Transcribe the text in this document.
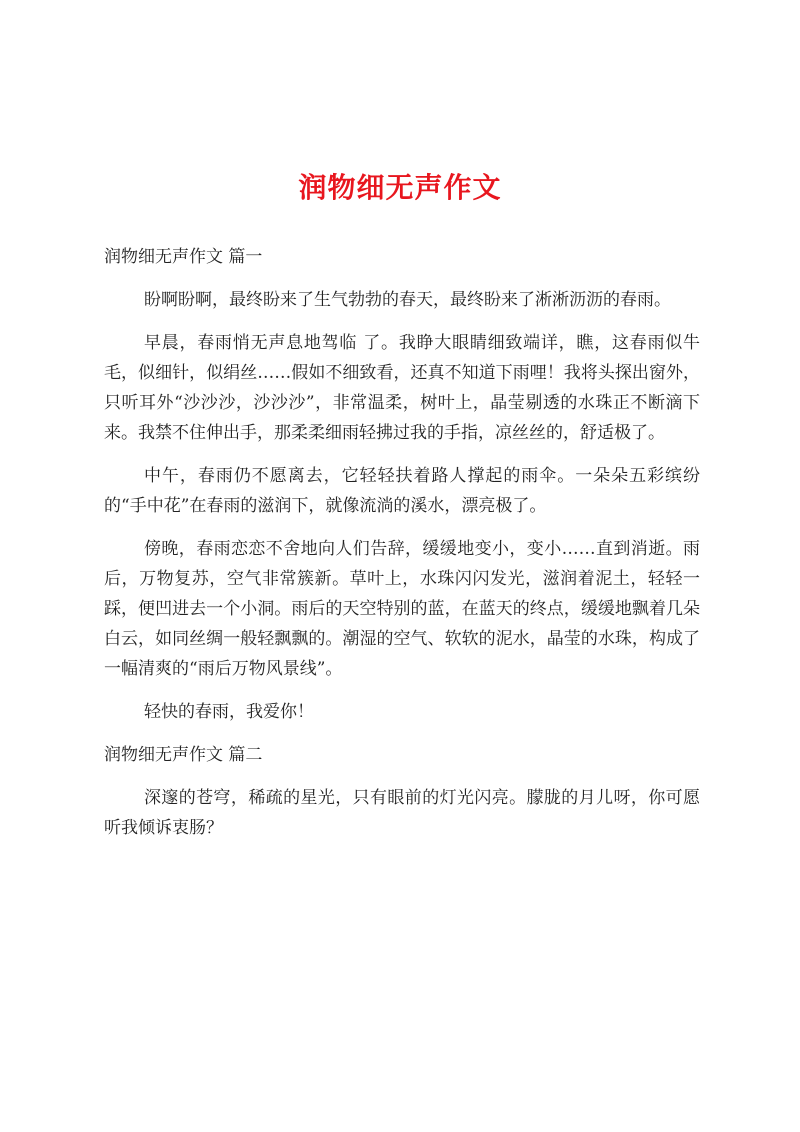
润物细无声作文

润物细无声作文 篇一

盼啊盼啊，最终盼来了生气勃勃的春天，最终盼来了淅淅沥沥的春雨。

早晨，春雨悄无声息地驾临 了。我睁大眼睛细致端详，瞧，这春雨似牛毛，似细针，似绢丝……假如不细致看，还真不知道下雨哩！我将头探出窗外，只听耳外“沙沙沙，沙沙沙”，非常温柔，树叶上，晶莹剔透的水珠正不断滴下来。我禁不住伸出手，那柔柔细雨轻拂过我的手指，凉丝丝的，舒适极了。

中午，春雨仍不愿离去，它轻轻扶着路人撑起的雨伞。一朵朵五彩缤纷的“手中花”在春雨的滋润下，就像流淌的溪水，漂亮极了。

傍晚，春雨恋恋不舍地向人们告辞，缓缓地变小，变小……直到消逝。雨后，万物复苏，空气非常簇新。草叶上，水珠闪闪发光，滋润着泥土，轻轻一踩，便凹进去一个小洞。雨后的天空特别的蓝，在蓝天的终点，缓缓地飘着几朵白云，如同丝绸一般轻飘飘的。潮湿的空气、软软的泥水，晶莹的水珠，构成了一幅清爽的“雨后万物风景线”。

轻快的春雨，我爱你！

润物细无声作文 篇二

深邃的苍穹，稀疏的星光，只有眼前的灯光闪亮。朦胧的月儿呀，你可愿听我倾诉衷肠？
